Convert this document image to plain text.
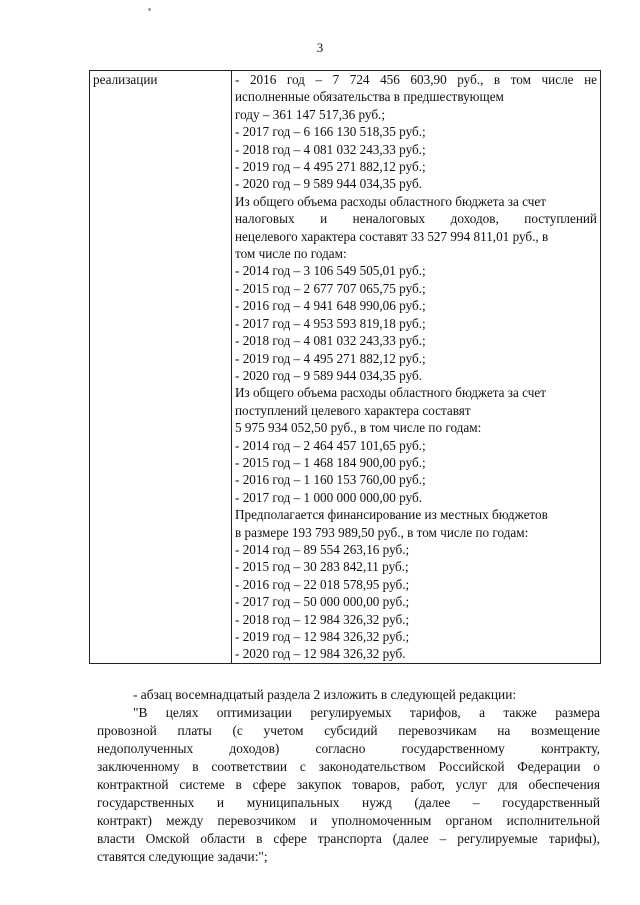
3
реализации	- 2016 год – 7 724 456 603,90 руб., в том числе не
исполненные обязательства в предшествующем
году – 361 147 517,36 руб.;
- 2017 год – 6 166 130 518,35 руб.;
- 2018 год – 4 081 032 243,33 руб.;
- 2019 год – 4 495 271 882,12 руб.;
- 2020 год – 9 589 944 034,35 руб.
Из общего объема расходы областного бюджета за счет
налоговых и неналоговых доходов, поступлений
нецелевого характера составят 33 527 994 811,01 руб., в
том числе по годам:
- 2014 год – 3 106 549 505,01 руб.;
- 2015 год – 2 677 707 065,75 руб.;
- 2016 год – 4 941 648 990,06 руб.;
- 2017 год – 4 953 593 819,18 руб.;
- 2018 год – 4 081 032 243,33 руб.;
- 2019 год – 4 495 271 882,12 руб.;
- 2020 год – 9 589 944 034,35 руб.
Из общего объема расходы областного бюджета за счет
поступлений целевого характера составят
5 975 934 052,50 руб., в том числе по годам:
- 2014 год – 2 464 457 101,65 руб.;
- 2015 год – 1 468 184 900,00 руб.;
- 2016 год – 1 160 153 760,00 руб.;
- 2017 год – 1 000 000 000,00 руб.
Предполагается финансирование из местных бюджетов
в размере 193 793 989,50 руб., в том числе по годам:
- 2014 год – 89 554 263,16 руб.;
- 2015 год – 30 283 842,11 руб.;
- 2016 год – 22 018 578,95 руб.;
- 2017 год – 50 000 000,00 руб.;
- 2018 год – 12 984 326,32 руб.;
- 2019 год – 12 984 326,32 руб.;
- 2020 год – 12 984 326,32 руб.
- абзац восемнадцатый раздела 2 изложить в следующей редакции:
"В целях оптимизации регулируемых тарифов, а также размера
провозной платы (с учетом субсидий перевозчикам на возмещение
недополученных доходов) согласно государственному контракту,
заключенному в соответствии с законодательством Российской Федерации о
контрактной системе в сфере закупок товаров, работ, услуг для обеспечения
государственных и муниципальных нужд (далее – государственный
контракт) между перевозчиком и уполномоченным органом исполнительной
власти Омской области в сфере транспорта (далее – регулируемые тарифы),
ставятся следующие задачи:";
